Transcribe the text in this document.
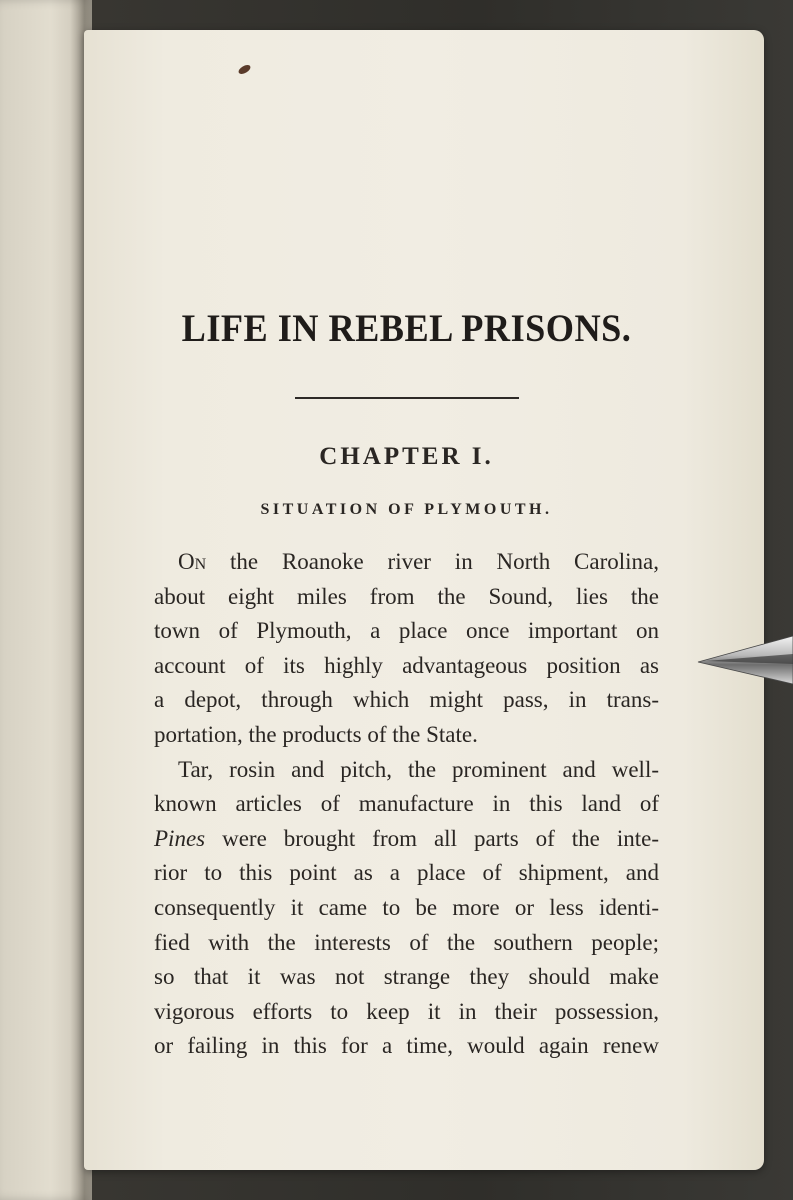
LIFE IN REBEL PRISONS.
CHAPTER I.
SITUATION OF PLYMOUTH.
On the Roanoke river in North Carolina,
about eight miles from the Sound, lies the
town of Plymouth, a place once important on
account of its highly advantageous position as
a depot, through which might pass, in trans-
portation, the products of the State.
Tar, rosin and pitch, the prominent and well-
known articles of manufacture in this land of
Pines were brought from all parts of the inte-
rior to this point as a place of shipment, and
consequently it came to be more or less identi-
fied with the interests of the southern people;
so that it was not strange they should make
vigorous efforts to keep it in their possession,
or failing in this for a time, would again renew
